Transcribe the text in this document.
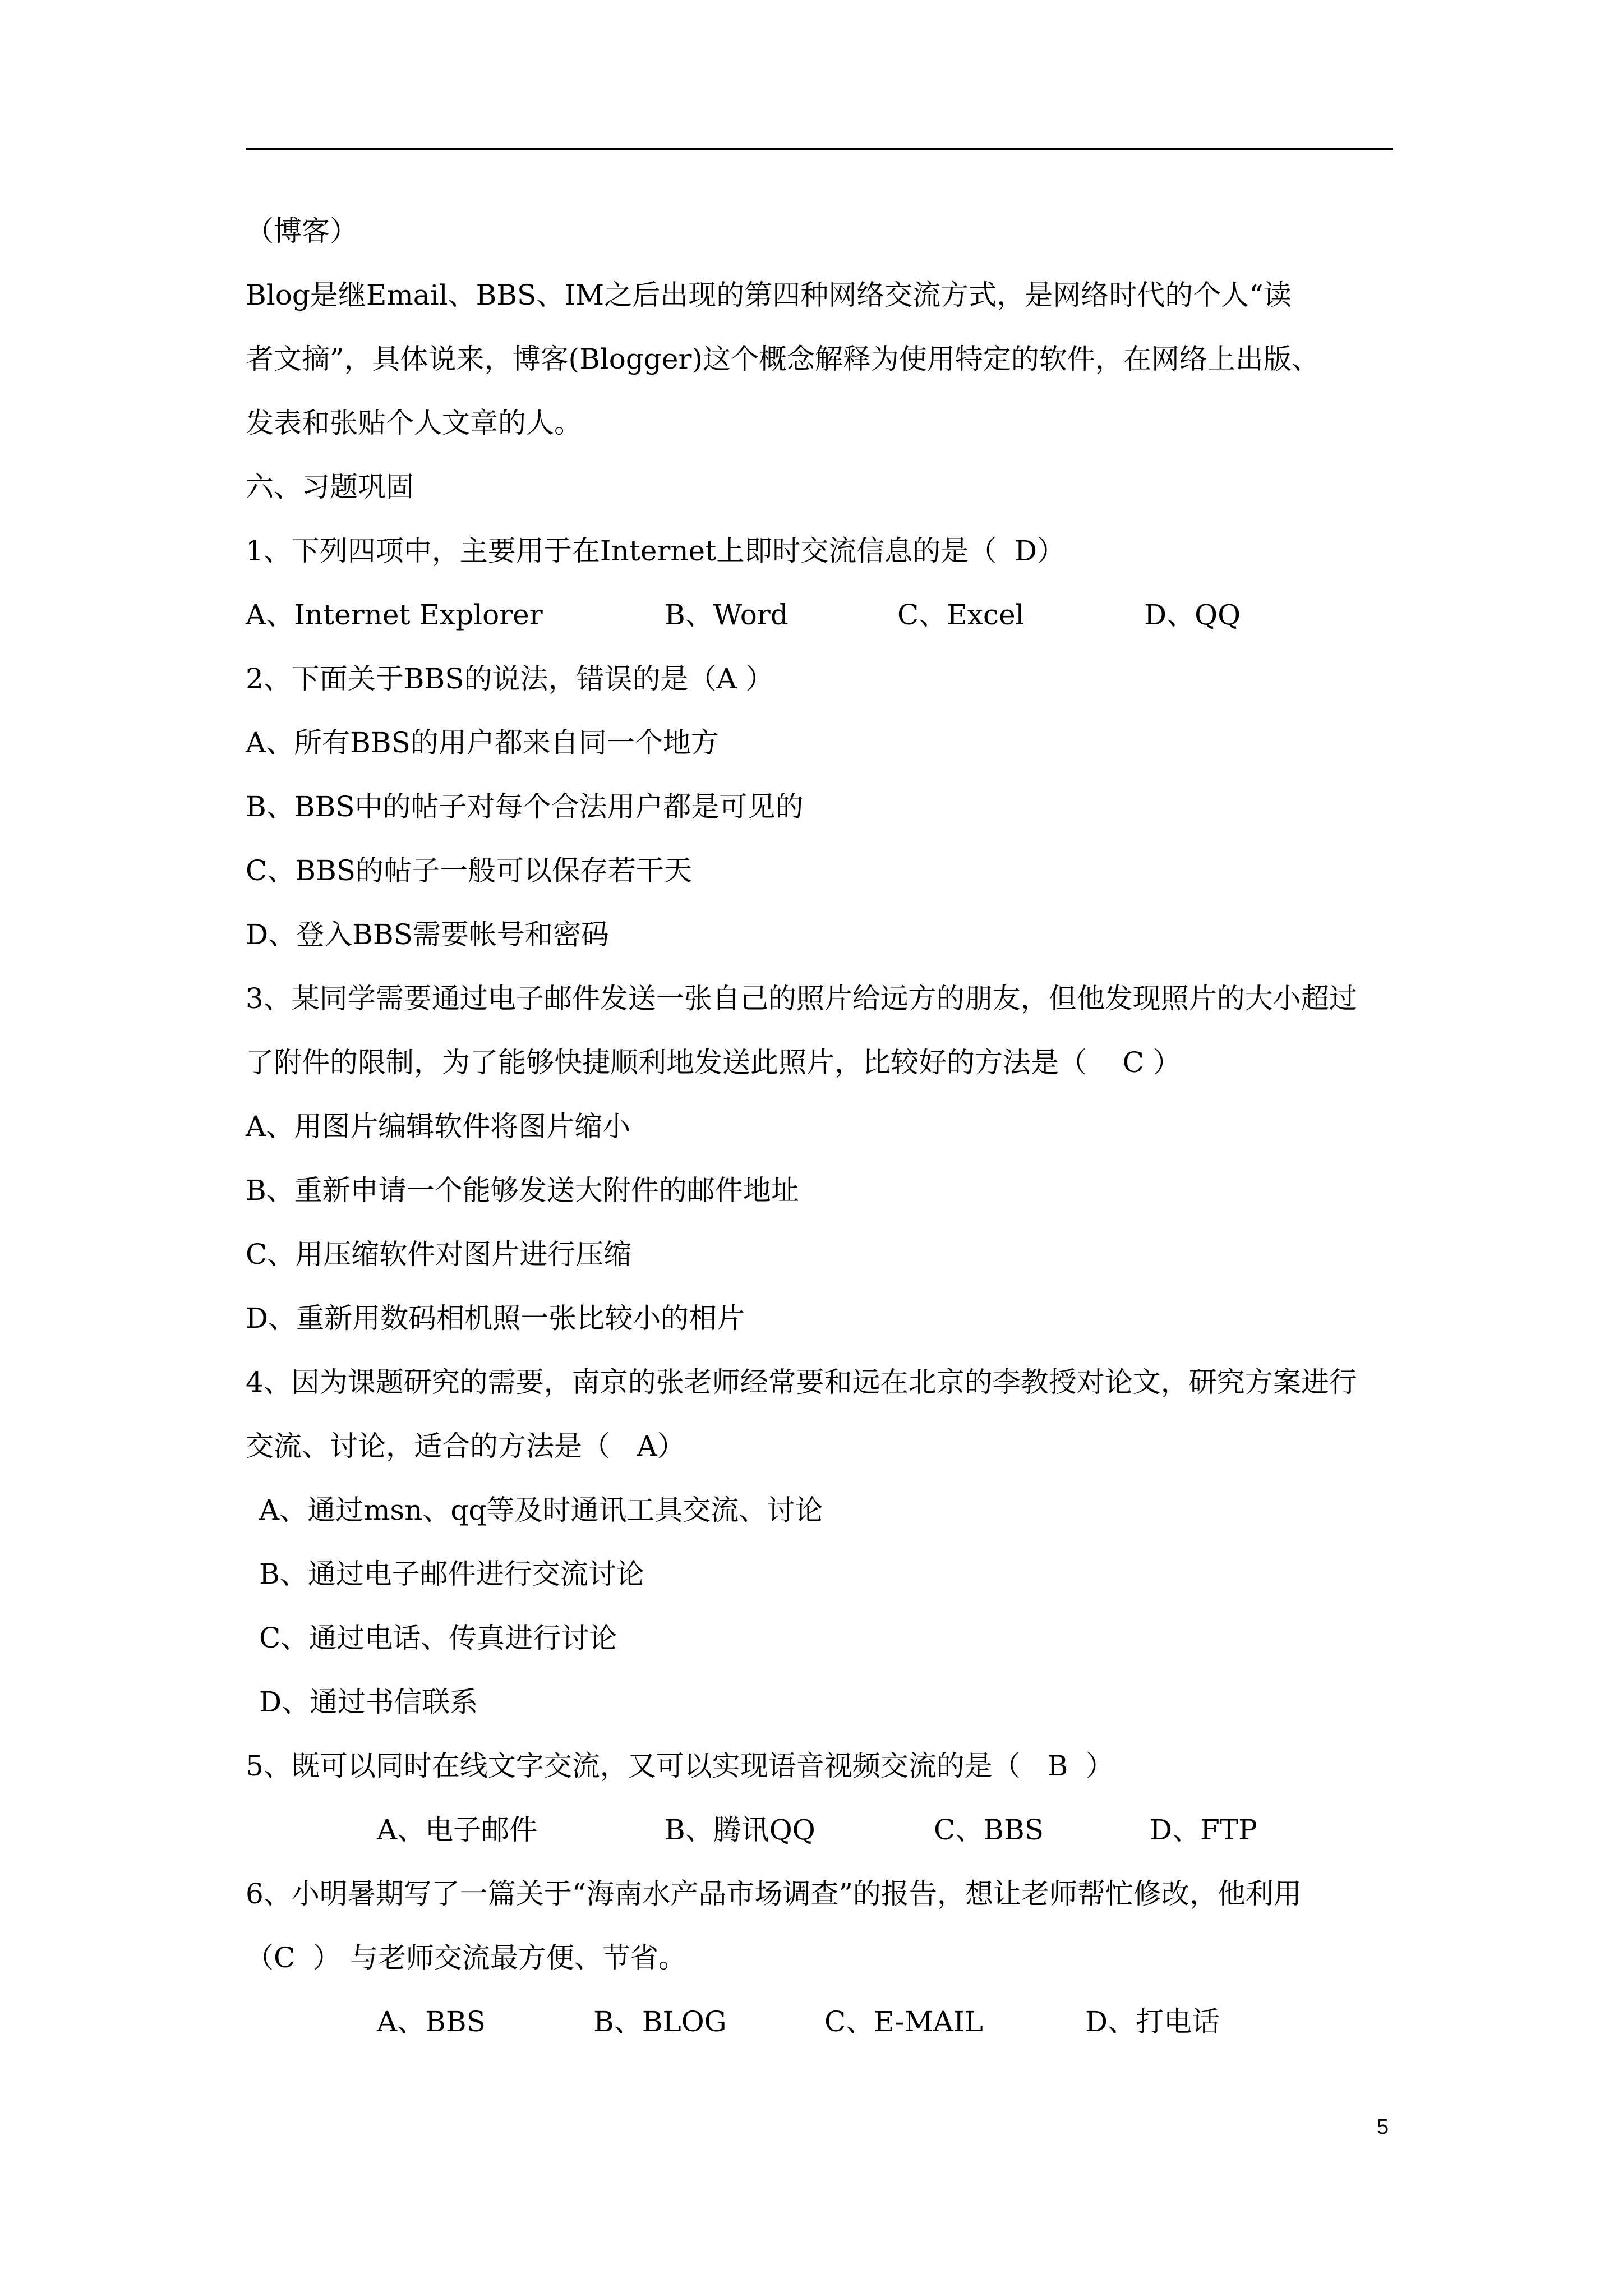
（博客）
Blog是继Email、BBS、IM之后出现的第四种网络交流方式，是网络时代的个人“读
者文摘”，具体说来，博客(Blogger)这个概念解释为使用特定的软件，在网络上出版、
发表和张贴个人文章的人。
六、习题巩固
1、下列四项中，主要用于在Internet上即时交流信息的是（  D）
A、Internet Explorer	B、Word	C、Excel	D、QQ
2、下面关于BBS的说法，错误的是（A ）
A、所有BBS的用户都来自同一个地方
B、BBS中的帖子对每个合法用户都是可见的
C、BBS的帖子一般可以保存若干天
D、登入BBS需要帐号和密码
3、某同学需要通过电子邮件发送一张自己的照片给远方的朋友，但他发现照片的大小超过
了附件的限制，为了能够快捷顺利地发送此照片，比较好的方法是（    C ）
A、用图片编辑软件将图片缩小
B、重新申请一个能够发送大附件的邮件地址
C、用压缩软件对图片进行压缩
D、重新用数码相机照一张比较小的相片
4、因为课题研究的需要，南京的张老师经常要和远在北京的李教授对论文，研究方案进行
交流、讨论，适合的方法是（   A）
A、通过msn、qq等及时通讯工具交流、讨论
B、通过电子邮件进行交流讨论
C、通过电话、传真进行讨论
D、通过书信联系
5、既可以同时在线文字交流，又可以实现语音视频交流的是（   B  ）
A、电子邮件	B、腾讯QQ	C、BBS	D、FTP
6、小明暑期写了一篇关于“海南水产品市场调查”的报告，想让老师帮忙修改，他利用
（C  ） 与老师交流最方便、节省。
A、BBS	B、BLOG	C、E-MAIL	D、打电话
5
